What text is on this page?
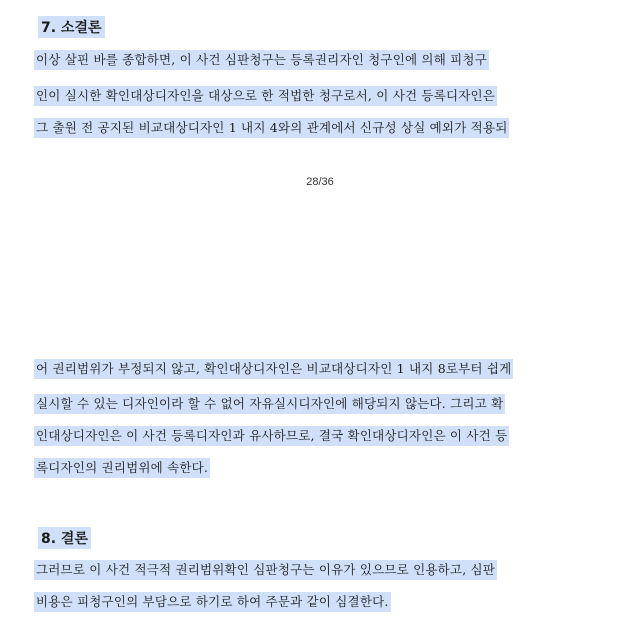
7. 소결론
이상 살핀 바를 종합하면, 이 사건 심판청구는 등록권리자인 청구인에 의해 피청구
인이 실시한 확인대상디자인을 대상으로 한 적법한 청구로서, 이 사건 등록디자인은
그 출원 전 공지된 비교대상디자인 1 내지 4와의 관계에서 신규성 상실 예외가 적용되
28/36
어 권리범위가 부정되지 않고, 확인대상디자인은 비교대상디자인 1 내지 8로부터 쉽게
실시할 수 있는 디자인이라 할 수 없어 자유실시디자인에 해당되지 않는다. 그리고 확
인대상디자인은 이 사건 등록디자인과 유사하므로, 결국 확인대상디자인은 이 사건 등
록디자인의 권리범위에 속한다.
8. 결론
그러므로 이 사건 적극적 권리범위확인 심판청구는 이유가 있으므로 인용하고, 심판
비용은 피청구인의 부담으로 하기로 하여 주문과 같이 심결한다.
